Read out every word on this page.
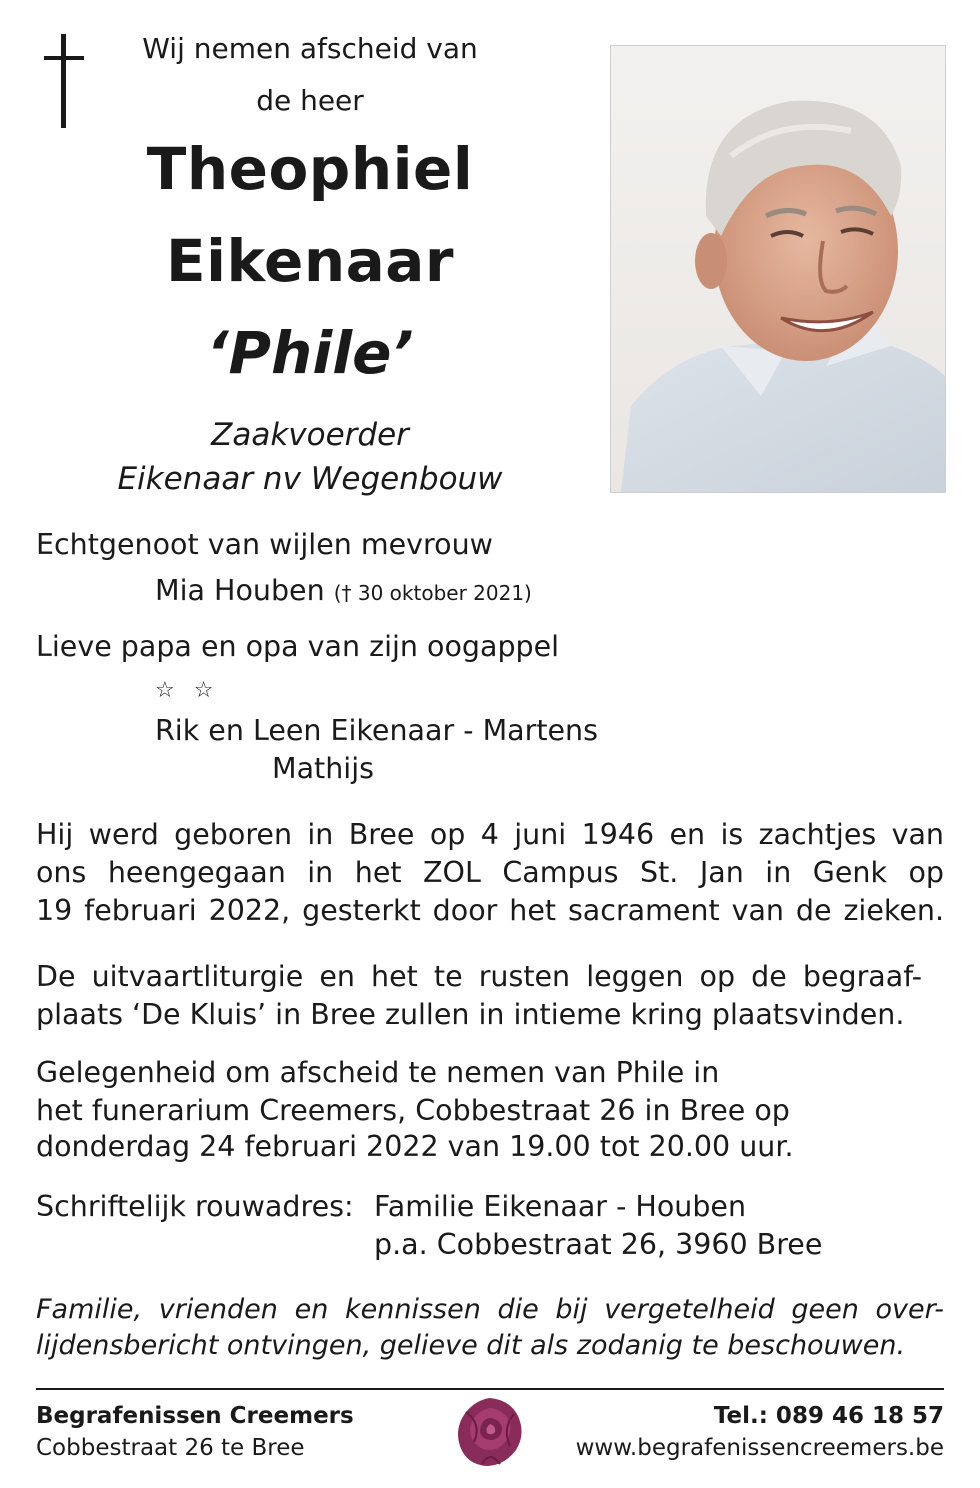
Wij nemen afscheid van
de heer
Theophiel
Eikenaar
‘Phile’
Zaakvoerder
Eikenaar nv Wegenbouw
Echtgenoot van wijlen mevrouw
Mia Houben († 30 oktober 2021)
Lieve papa en opa van zijn oogappel
☆ ☆
Rik en Leen Eikenaar - Martens
Mathijs
Hij werd geboren in Bree op 4 juni 1946 en is zachtjes van
ons heengegaan in het ZOL Campus St. Jan in Genk op
19 februari 2022, gesterkt door het sacrament van de zieken.
De uitvaartliturgie en het te rusten leggen op de begraaf-
plaats ‘De Kluis’ in Bree zullen in intieme kring plaatsvinden.
Gelegenheid om afscheid te nemen van Phile in
het funerarium Creemers, Cobbestraat 26 in Bree op
donderdag 24 februari 2022 van 19.00 tot 20.00 uur.
Schriftelijk rouwadres: Familie Eikenaar - Houben
p.a. Cobbestraat 26, 3960 Bree
Familie, vrienden en kennissen die bij vergetelheid geen over-
lijdensbericht ontvingen, gelieve dit als zodanig te beschouwen.
Begrafenissen Creemers
Cobbestraat 26 te Bree
Tel.: 089 46 18 57
www.begrafenissencreemers.be
